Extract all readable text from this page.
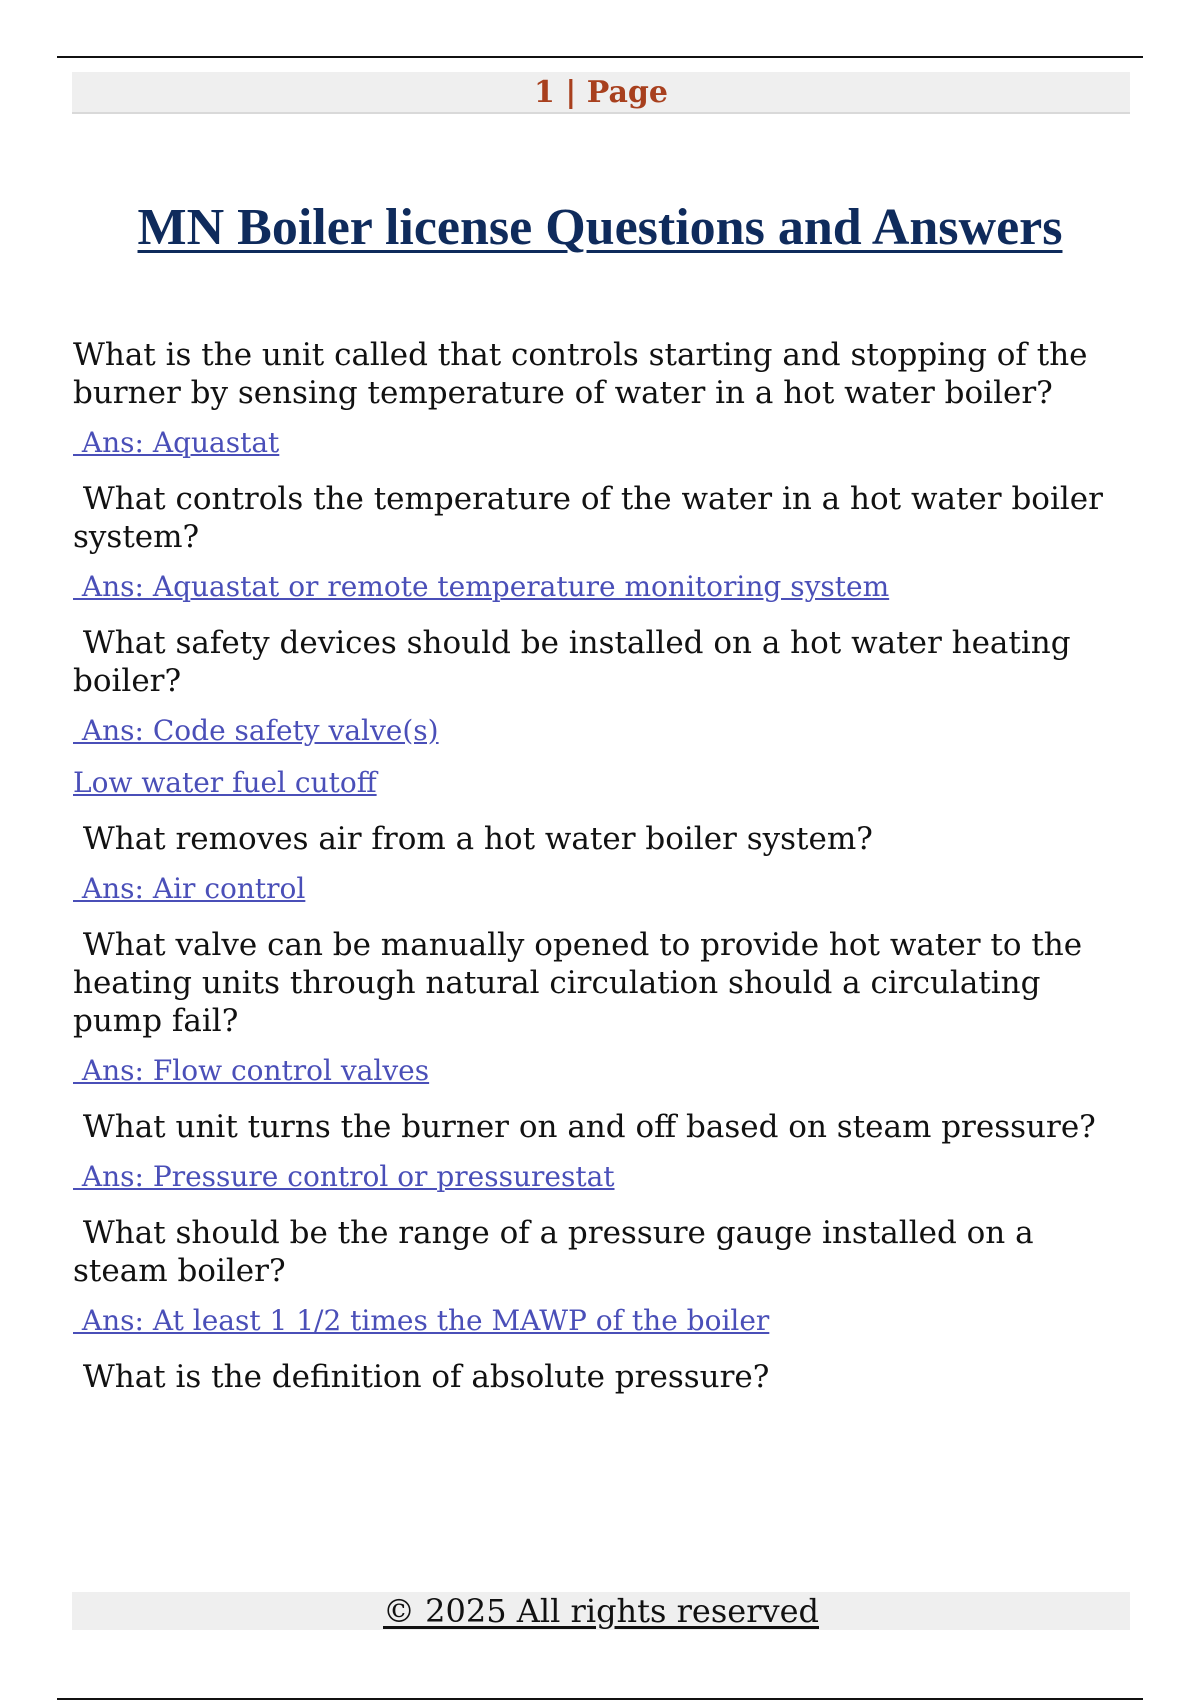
1 | Page
MN Boiler license Questions and Answers

What is the unit called that controls starting and stopping of the burner by sensing temperature of water in a hot water boiler?

Ans: Aquastat

What controls the temperature of the water in a hot water boiler system?

Ans: Aquastat or remote temperature monitoring system

What safety devices should be installed on a hot water heating boiler?

Ans: Code safety valve(s)
Low water fuel cutoff

What removes air from a hot water boiler system?

Ans: Air control

What valve can be manually opened to provide hot water to the heating units through natural circulation should a circulating pump fail?

Ans: Flow control valves

What unit turns the burner on and off based on steam pressure?

Ans: Pressure control or pressurestat

What should be the range of a pressure gauge installed on a steam boiler?

Ans: At least 1 1/2 times the MAWP of the boiler

What is the definition of absolute pressure?

© 2025 All rights reserved
